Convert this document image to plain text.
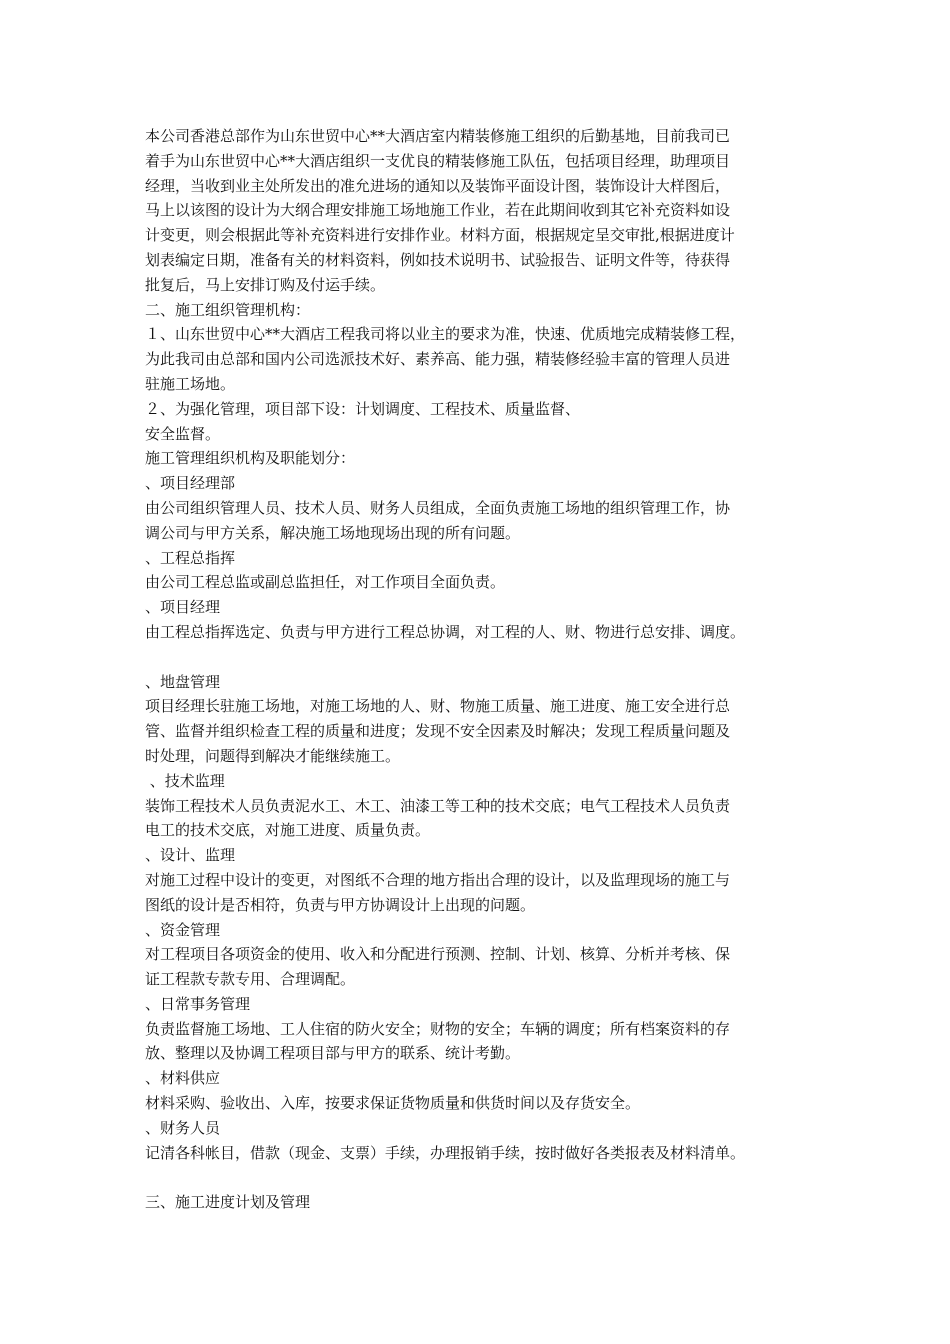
本公司香港总部作为山东世贸中心**大酒店室内精装修施工组织的后勤基地，目前我司已
着手为山东世贸中心**大酒店组织一支优良的精装修施工队伍，包括项目经理，助理项目
经理，当收到业主处所发出的准允进场的通知以及装饰平面设计图，装饰设计大样图后，
马上以该图的设计为大纲合理安排施工场地施工作业，若在此期间收到其它补充资料如设
计变更，则会根据此等补充资料进行安排作业。材料方面，根据规定呈交审批,根据进度计
划表编定日期，准备有关的材料资料，例如技术说明书、试验报告、证明文件等，待获得
批复后，马上安排订购及付运手续。
二、施工组织管理机构：
１、山东世贸中心**大酒店工程我司将以业主的要求为准，快速、优质地完成精装修工程，
为此我司由总部和国内公司选派技术好、素养高、能力强，精装修经验丰富的管理人员进
驻施工场地。
２、为强化管理，项目部下设：计划调度、工程技术、质量监督、
安全监督。
施工管理组织机构及职能划分：
、项目经理部
由公司组织管理人员、技术人员、财务人员组成，全面负责施工场地的组织管理工作，协
调公司与甲方关系，解决施工场地现场出现的所有问题。
、工程总指挥
由公司工程总监或副总监担任，对工作项目全面负责。
、项目经理
由工程总指挥选定、负责与甲方进行工程总协调，对工程的人、财、物进行总安排、调度。
、地盘管理
项目经理长驻施工场地，对施工场地的人、财、物施工质量、施工进度、施工安全进行总
管、监督并组织检查工程的质量和进度；发现不安全因素及时解决；发现工程质量问题及
时处理，问题得到解决才能继续施工。
、技术监理
装饰工程技术人员负责泥水工、木工、油漆工等工种的技术交底；电气工程技术人员负责
电工的技术交底，对施工进度、质量负责。
、设计、监理
对施工过程中设计的变更，对图纸不合理的地方指出合理的设计，以及监理现场的施工与
图纸的设计是否相符，负责与甲方协调设计上出现的问题。
、资金管理
对工程项目各项资金的使用、收入和分配进行预测、控制、计划、核算、分析并考核、保
证工程款专款专用、合理调配。
、日常事务管理
负责监督施工场地、工人住宿的防火安全；财物的安全；车辆的调度；所有档案资料的存
放、整理以及协调工程项目部与甲方的联系、统计考勤。
、材料供应
材料采购、验收出、入库，按要求保证货物质量和供货时间以及存货安全。
、财务人员
记清各科帐目，借款（现金、支票）手续，办理报销手续，按时做好各类报表及材料清单。
三、施工进度计划及管理
